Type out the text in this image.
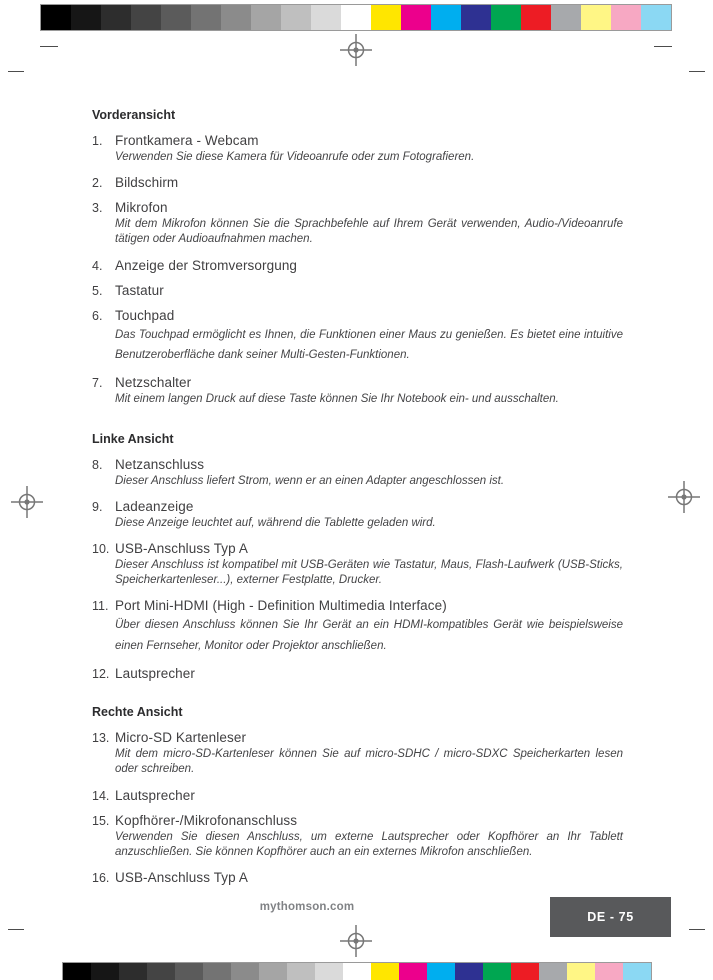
Vorderansicht
1. Frontkamera - Webcam

Verwenden Sie diese Kamera für Videoanrufe oder zum Fotografieren.

2. Bildschirm
3. Mikrofon

Mit dem Mikrofon können Sie die Sprachbefehle auf Ihrem Gerät verwenden, Audio-/Videoanrufe tätigen oder Audioaufnahmen machen.

4. Anzeige der Stromversorgung
5. Tastatur
6. Touchpad

Das Touchpad ermöglicht es Ihnen, die Funktionen einer Maus zu genießen. Es bietet eine intuitive Benutzeroberfläche dank seiner Multi-Gesten-Funktionen.

7. Netzschalter

Mit einem langen Druck auf diese Taste können Sie Ihr Notebook ein- und ausschalten.

Linke Ansicht
8. Netzanschluss

Dieser Anschluss liefert Strom, wenn er an einen Adapter angeschlossen ist.

9. Ladeanzeige

Diese Anzeige leuchtet auf, während die Tablette geladen wird.

10. USB-Anschluss Typ A

Dieser Anschluss ist kompatibel mit USB-Geräten wie Tastatur, Maus, Flash-Laufwerk (USB-Sticks, Speicherkartenleser...), externer Festplatte, Drucker.

11. Port Mini-HDMI (High - Definition Multimedia Interface)

Über diesen Anschluss können Sie Ihr Gerät an ein HDMI-kompatibles Gerät wie beispielsweise einen Fernseher, Monitor oder Projektor anschließen.

12. Lautsprecher
Rechte Ansicht
13. Micro-SD Kartenleser

Mit dem micro-SD-Kartenleser können Sie auf micro-SDHC / micro-SDXC Speicherkarten lesen oder schreiben.

14. Lautsprecher
15. Kopfhörer-/Mikrofonanschluss

Verwenden Sie diesen Anschluss, um externe Lautsprecher oder Kopfhörer an Ihr Tablett anzuschließen. Sie können Kopfhörer auch an ein externes Mikrofon anschließen.

16. USB-Anschluss Typ A
mythomson.com
DE - 75
